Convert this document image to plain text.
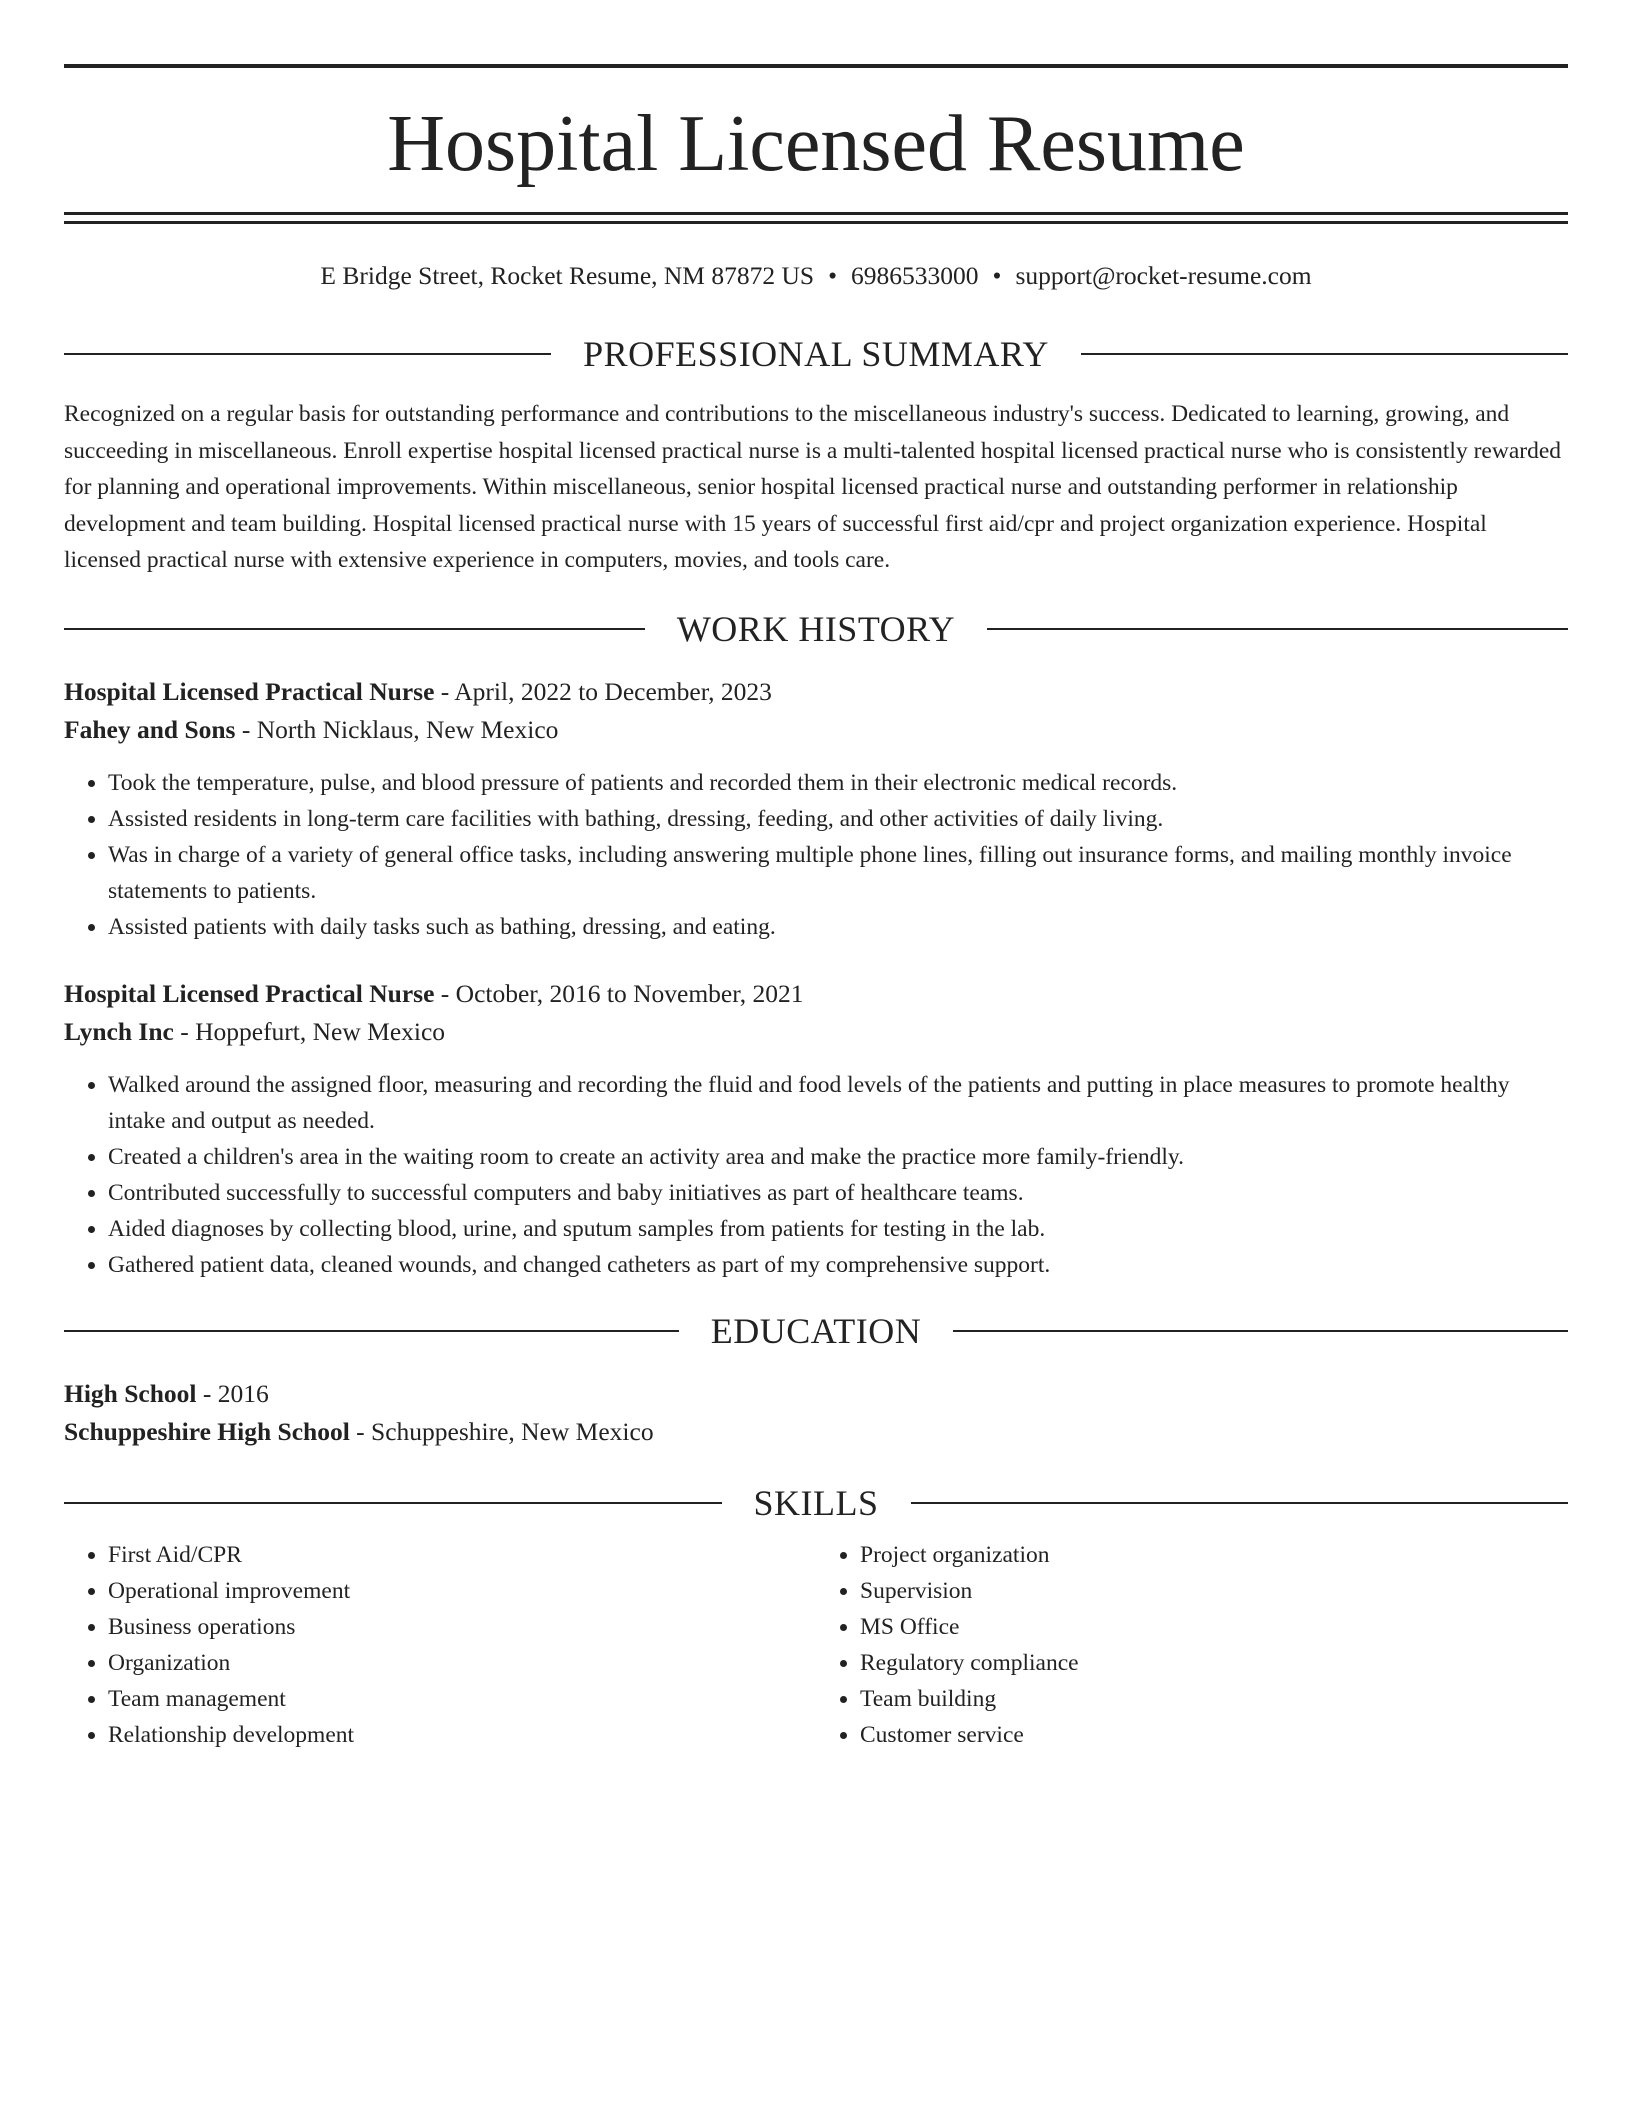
Hospital Licensed Resume
E Bridge Street, Rocket Resume, NM 87872 US • 6986533000 • support@rocket-resume.com
PROFESSIONAL SUMMARY

Recognized on a regular basis for outstanding performance and contributions to the miscellaneous industry's success. Dedicated to learning, growing, and succeeding in miscellaneous. Enroll expertise hospital licensed practical nurse is a multi-talented hospital licensed practical nurse who is consistently rewarded for planning and operational improvements. Within miscellaneous, senior hospital licensed practical nurse and outstanding performer in relationship development and team building. Hospital licensed practical nurse with 15 years of successful first aid/cpr and project organization experience. Hospital licensed practical nurse with extensive experience in computers, movies, and tools care.

WORK HISTORY
Hospital Licensed Practical Nurse - April, 2022 to December, 2023
Fahey and Sons - North Nicklaus, New Mexico
• Took the temperature, pulse, and blood pressure of patients and recorded them in their electronic medical records.
• Assisted residents in long-term care facilities with bathing, dressing, feeding, and other activities of daily living.
• Was in charge of a variety of general office tasks, including answering multiple phone lines, filling out insurance forms, and mailing monthly invoice statements to patients.
• Assisted patients with daily tasks such as bathing, dressing, and eating.
Hospital Licensed Practical Nurse - October, 2016 to November, 2021
Lynch Inc - Hoppefurt, New Mexico
• Walked around the assigned floor, measuring and recording the fluid and food levels of the patients and putting in place measures to promote healthy intake and output as needed.
• Created a children's area in the waiting room to create an activity area and make the practice more family-friendly.
• Contributed successfully to successful computers and baby initiatives as part of healthcare teams.
• Aided diagnoses by collecting blood, urine, and sputum samples from patients for testing in the lab.
• Gathered patient data, cleaned wounds, and changed catheters as part of my comprehensive support.
EDUCATION
High School - 2016
Schuppeshire High School - Schuppeshire, New Mexico
SKILLS
• First Aid/CPR
• Operational improvement
• Business operations
• Organization
• Team management
• Relationship development
• Project organization
• Supervision
• MS Office
• Regulatory compliance
• Team building
• Customer service
